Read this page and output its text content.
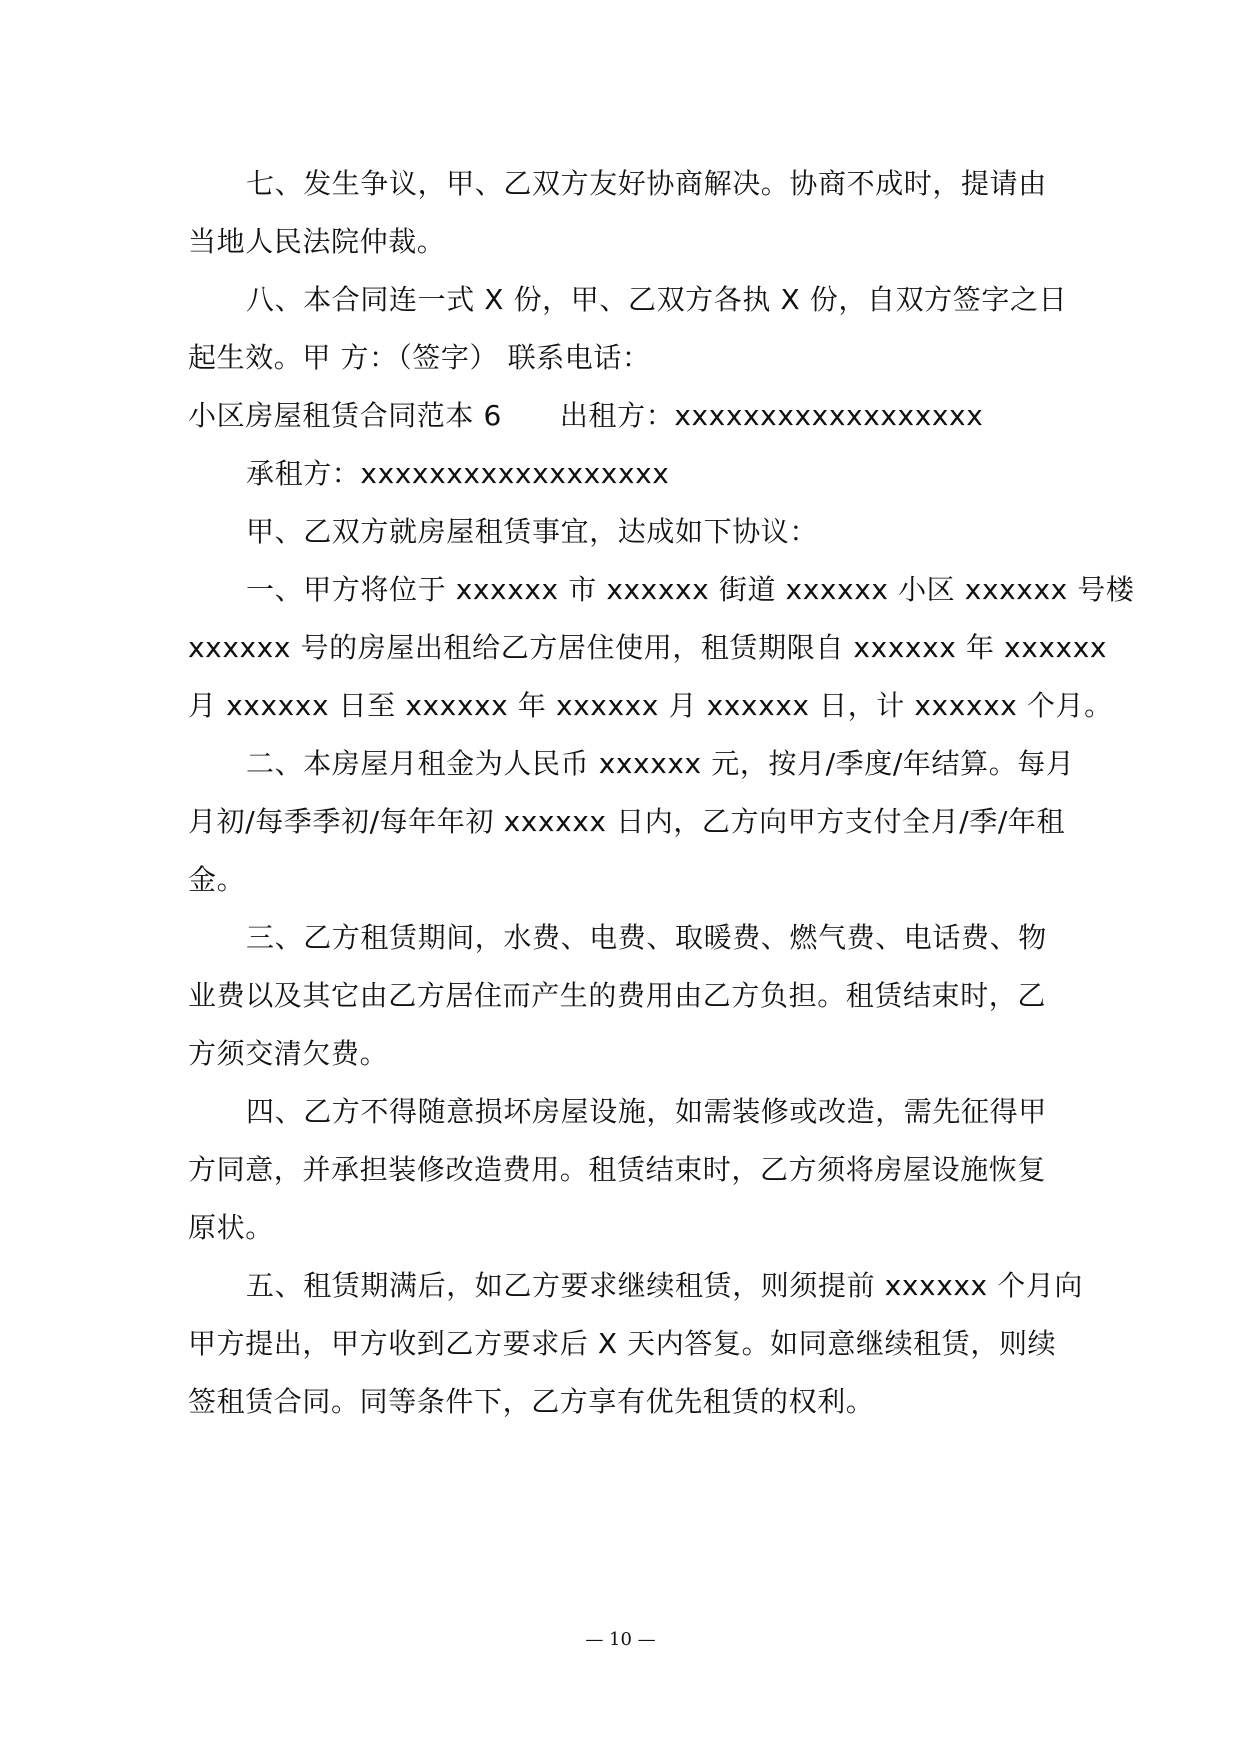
七、发生争议，甲、乙双方友好协商解决。协商不成时，提请由
当地人民法院仲裁。
八、本合同连一式 X 份，甲、乙双方各执 X 份，自双方签字之日
起生效。甲 方：（签字） 联系电话：
小区房屋租赁合同范本 6 出租方：xxxxxxxxxxxxxxxxxx
承租方：xxxxxxxxxxxxxxxxxx
甲、乙双方就房屋租赁事宜，达成如下协议：
一、甲方将位于 xxxxxx 市 xxxxxx 街道 xxxxxx 小区 xxxxxx 号楼
xxxxxx 号的房屋出租给乙方居住使用，租赁期限自 xxxxxx 年 xxxxxx
月 xxxxxx 日至 xxxxxx 年 xxxxxx 月 xxxxxx 日，计 xxxxxx 个月。
二、本房屋月租金为人民币 xxxxxx 元，按月/季度/年结算。每月
月初/每季季初/每年年初 xxxxxx 日内，乙方向甲方支付全月/季/年租
金。
三、乙方租赁期间，水费、电费、取暖费、燃气费、电话费、物
业费以及其它由乙方居住而产生的费用由乙方负担。租赁结束时，乙
方须交清欠费。
四、乙方不得随意损坏房屋设施，如需装修或改造，需先征得甲
方同意，并承担装修改造费用。租赁结束时，乙方须将房屋设施恢复
原状。
五、租赁期满后，如乙方要求继续租赁，则须提前 xxxxxx 个月向
甲方提出，甲方收到乙方要求后 X 天内答复。如同意继续租赁，则续
签租赁合同。同等条件下，乙方享有优先租赁的权利。
— 10 —
